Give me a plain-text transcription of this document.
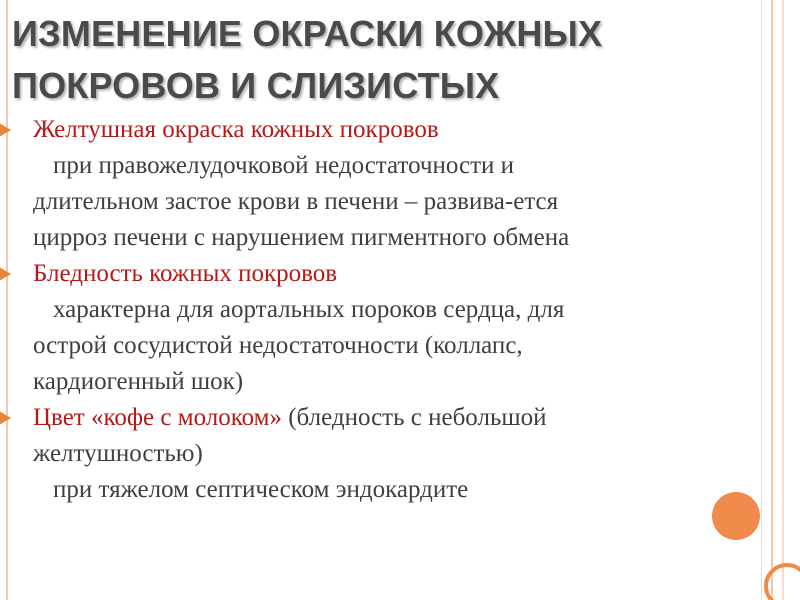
ИЗМЕНЕНИЕ ОКРАСКИ КОЖНЫХ
ПОКРОВОВ И СЛИЗИСТЫХ
Желтушная окраска кожных покровов
при правожелудочковой недостаточности и
длительном застое крови в печени – развива-ется
цирроз печени с нарушением пигментного обмена
Бледность кожных покровов
характерна для аортальных пороков сердца, для
острой сосудистой недостаточности (коллапс,
кардиогенный шок)
Цвет «кофе с молоком» (бледность с небольшой
желтушностью)
при тяжелом септическом эндокардите
